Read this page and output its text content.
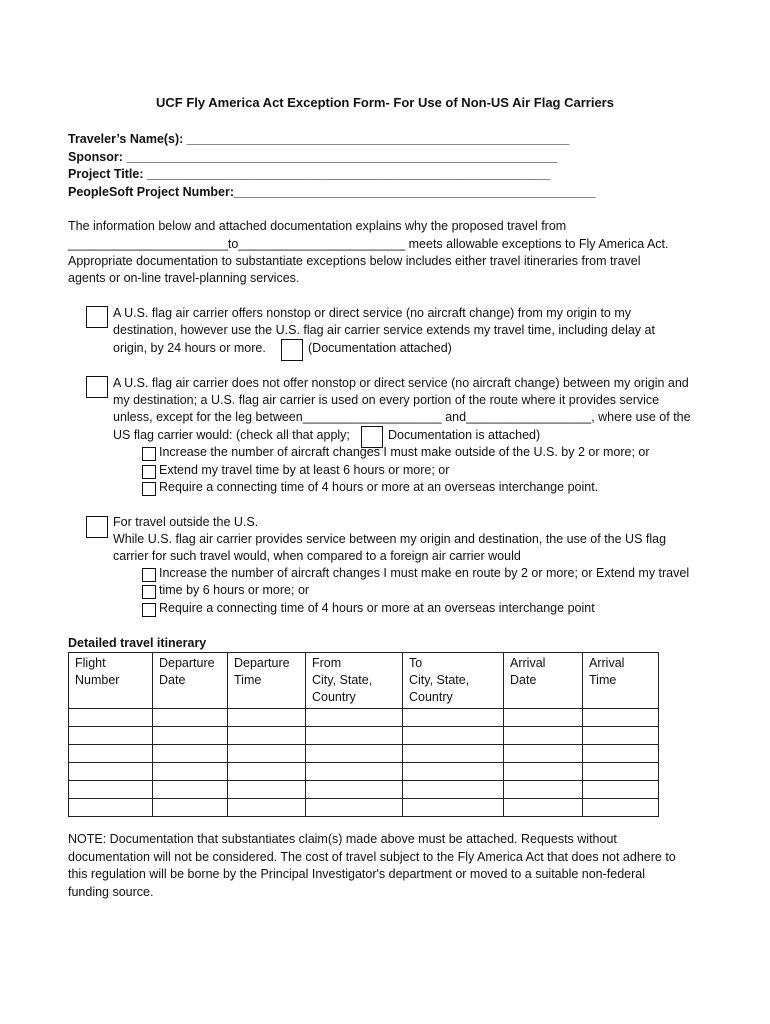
UCF Fly America Act Exception Form- For Use of Non-US Air Flag Carriers
Traveler’s Name(s): _______________________________________________________
Sponsor: ______________________________________________________________
Project Title: __________________________________________________________
PeopleSoft Project Number:____________________________________________________
The information below and attached documentation explains why the proposed travel from
_______________________to________________________ meets allowable exceptions to Fly America Act.
Appropriate documentation to substantiate exceptions below includes either travel itineraries from travel
agents or on-line travel-planning services.
A U.S. flag air carrier offers nonstop or direct service (no aircraft change) from my origin to my
destination, however use the U.S. flag air carrier service extends my travel time, including delay at
origin, by 24 hours or more.	(Documentation attached)
A U.S. flag air carrier does not offer nonstop or direct service (no aircraft change) between my origin and
my destination; a U.S. flag air carrier is used on every portion of the route where it provides service
unless, except for the leg between____________________ and__________________, where use of the
US flag carrier would: (check all that apply;	Documentation is attached)
Increase the number of aircraft changes I must make outside of the U.S. by 2 or more; or
Extend my travel time by at least 6 hours or more; or
Require a connecting time of 4 hours or more at an overseas interchange point.
For travel outside the U.S.
While U.S. flag air carrier provides service between my origin and destination, the use of the US flag
carrier for such travel would, when compared to a foreign air carrier would
Increase the number of aircraft changes I must make en route by 2 or more; or Extend my travel
time by 6 hours or more; or
Require a connecting time of 4 hours or more at an overseas interchange point
Detailed travel itinerary
Flight
Number	Departure
Date	Departure
Time	From
City, State,
Country	To
City, State,
Country	Arrival
Date	Arrival
Time

NOTE: Documentation that substantiates claim(s) made above must be attached. Requests without
documentation will not be considered. The cost of travel subject to the Fly America Act that does not adhere to
this regulation will be borne by the Principal Investigator's department or moved to a suitable non-federal
funding source.
